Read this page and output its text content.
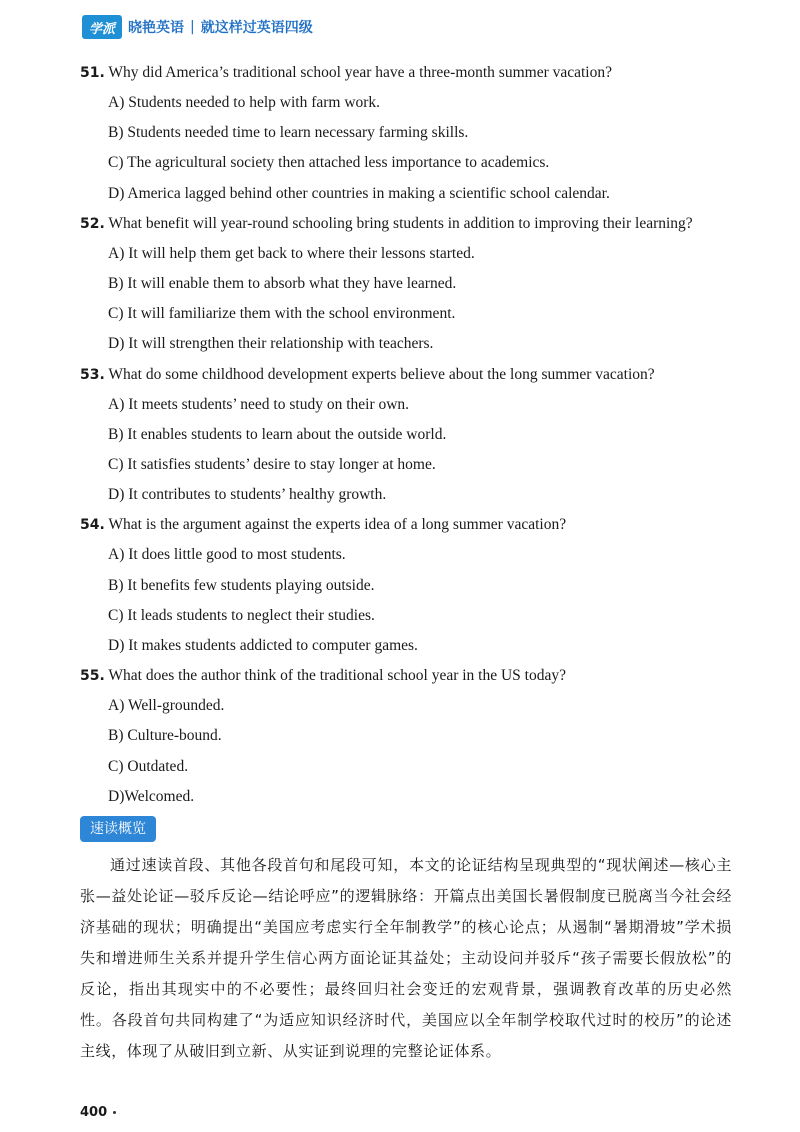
学派 晓艳英语 | 就这样过英语四级
51. Why did America’s traditional school year have a three-month summer vacation?
A) Students needed to help with farm work.
B) Students needed time to learn necessary farming skills.
C) The agricultural society then attached less importance to academics.
D) America lagged behind other countries in making a scientific school calendar.
52. What benefit will year-round schooling bring students in addition to improving their learning?
A) It will help them get back to where their lessons started.
B) It will enable them to absorb what they have learned.
C) It will familiarize them with the school environment.
D) It will strengthen their relationship with teachers.
53. What do some childhood development experts believe about the long summer vacation?
A) It meets students’ need to study on their own.
B) It enables students to learn about the outside world.
C) It satisfies students’ desire to stay longer at home.
D) It contributes to students’ healthy growth.
54. What is the argument against the experts idea of a long summer vacation?
A) It does little good to most students.
B) It benefits few students playing outside.
C) It leads students to neglect their studies.
D) It makes students addicted to computer games.
55. What does the author think of the traditional school year in the US today?
A) Well-grounded.
B) Culture-bound.
C) Outdated.
D)Welcomed.
速读概览
通过速读首段、其他各段首句和尾段可知，本文的论证结构呈现典型的“现状阐述—核心主张—益处论证—驳斥反论—结论呼应”的逻辑脉络：开篇点出美国长暑假制度已脱离当今社会经济基础的现状；明确提出“美国应考虑实行全年制教学”的核心论点；从遏制“暑期滑坡”学术损失和增进师生关系并提升学生信心两方面论证其益处；主动设问并驳斥“孩子需要长假放松”的反论，指出其现实中的不必要性；最终回归社会变迁的宏观背景，强调教育改革的历史必然性。各段首句共同构建了“为适应知识经济时代，美国应以全年制学校取代过时的校历”的论述主线，体现了从破旧到立新、从实证到说理的完整论证体系。
400
